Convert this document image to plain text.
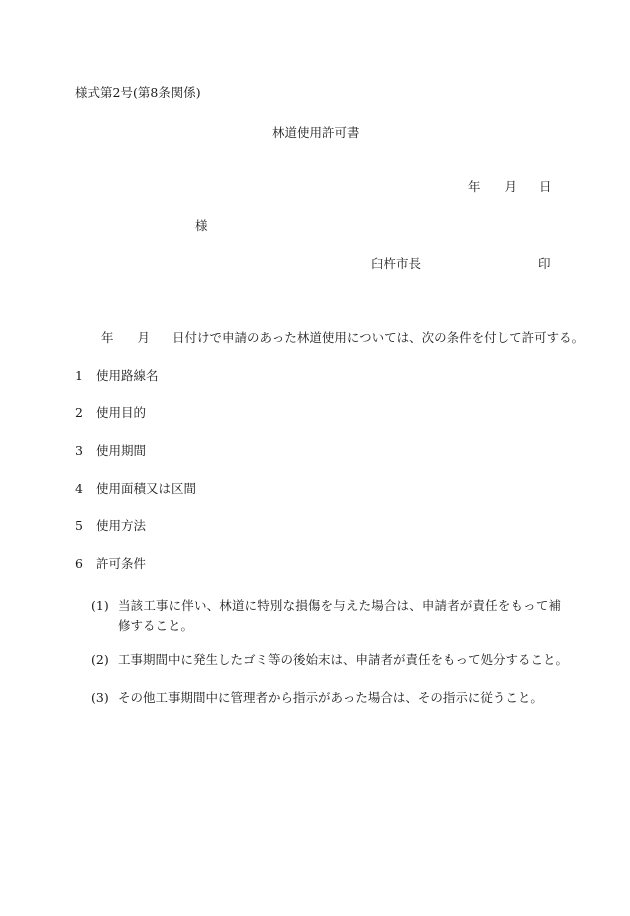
様式第2号(第8条関係)
林道使用許可書
年 月 日
様
臼杵市長	印
年 月 日付けで申請のあった林道使用については、次の条件を付して許可する。
1 使用路線名
2 使用目的
3 使用期間
4 使用面積又は区間
5 使用方法
6 許可条件
(1) 当該工事に伴い、林道に特別な損傷を与えた場合は、申請者が責任をもって補修すること。
(2) 工事期間中に発生したゴミ等の後始末は、申請者が責任をもって処分すること。
(3) その他工事期間中に管理者から指示があった場合は、その指示に従うこと。
